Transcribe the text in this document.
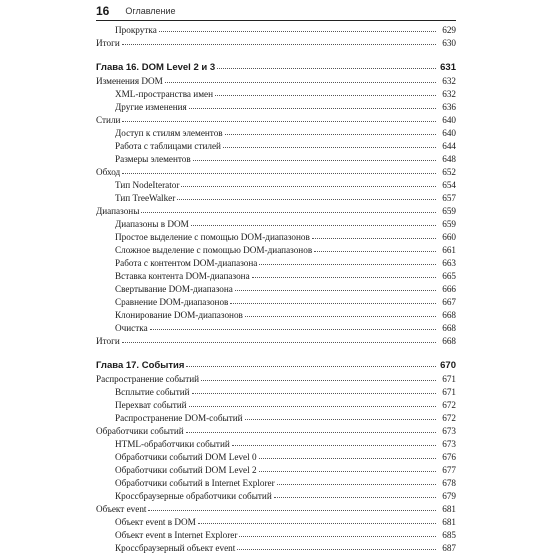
16 Оглавление
Прокрутка	629
Итоги	630
Глава 16. DOM Level 2 и 3	631
Изменения DOM	632
XML-пространства имен	632
Другие изменения	636
Стили	640
Доступ к стилям элементов	640
Работа с таблицами стилей	644
Размеры элементов	648
Обход	652
Тип NodeIterator	654
Тип TreeWalker	657
Диапазоны	659
Диапазоны в DOM	659
Простое выделение с помощью DOM-диапазонов	660
Сложное выделение с помощью DOM-диапазонов	661
Работа с контентом DOM-диапазона	663
Вставка контента DOM-диапазона	665
Свертывание DOM-диапазона	666
Сравнение DOM-диапазонов	667
Клонирование DOM-диапазонов	668
Очистка	668
Итоги	668
Глава 17. События	670
Распространение событий	671
Всплытие событий	671
Перехват событий	672
Распространение DOM-событий	672
Обработчики событий	673
HTML-обработчики событий	673
Обработчики событий DOM Level 0	676
Обработчики событий DOM Level 2	677
Обработчики событий в Internet Explorer	678
Кроссбраузерные обработчики событий	679
Объект event	681
Объект event в DOM	681
Объект event в Internet Explorer	685
Кроссбраузерный объект event	687
